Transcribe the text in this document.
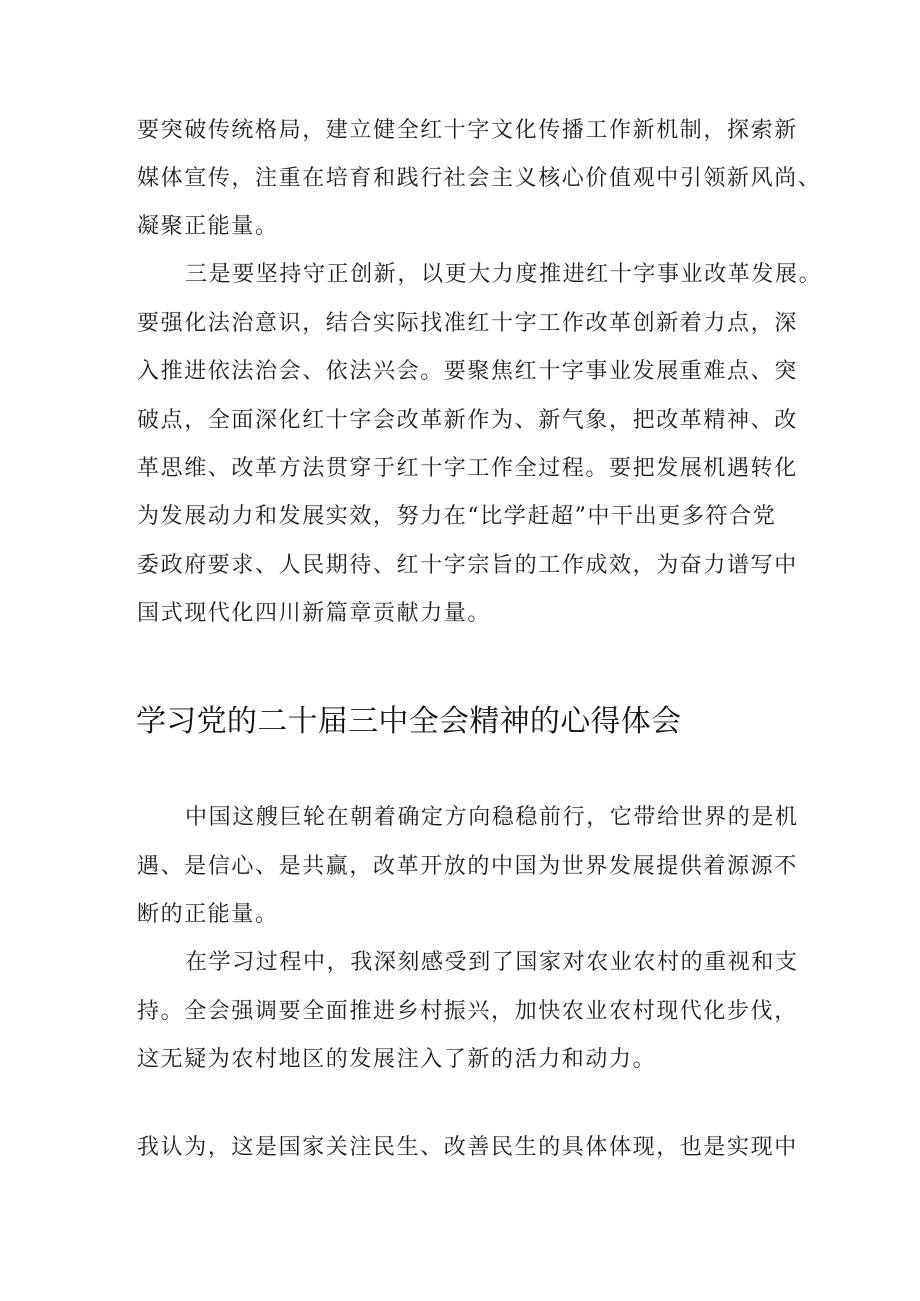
要突破传统格局，建立健全红十字文化传播工作新机制，探索新
媒体宣传，注重在培育和践行社会主义核心价值观中引领新风尚、
凝聚正能量。
三是要坚持守正创新，以更大力度推进红十字事业改革发展。
要强化法治意识，结合实际找准红十字工作改革创新着力点，深
入推进依法治会、依法兴会。要聚焦红十字事业发展重难点、突
破点，全面深化红十字会改革新作为、新气象，把改革精神、改
革思维、改革方法贯穿于红十字工作全过程。要把发展机遇转化
为发展动力和发展实效，努力在“比学赶超”中干出更多符合党
委政府要求、人民期待、红十字宗旨的工作成效，为奋力谱写中
国式现代化四川新篇章贡献力量。
学习党的二十届三中全会精神的心得体会
中国这艘巨轮在朝着确定方向稳稳前行，它带给世界的是机
遇、是信心、是共赢，改革开放的中国为世界发展提供着源源不
断的正能量。
在学习过程中，我深刻感受到了国家对农业农村的重视和支
持。全会强调要全面推进乡村振兴，加快农业农村现代化步伐，
这无疑为农村地区的发展注入了新的活力和动力。
我认为，这是国家关注民生、改善民生的具体体现，也是实现中
